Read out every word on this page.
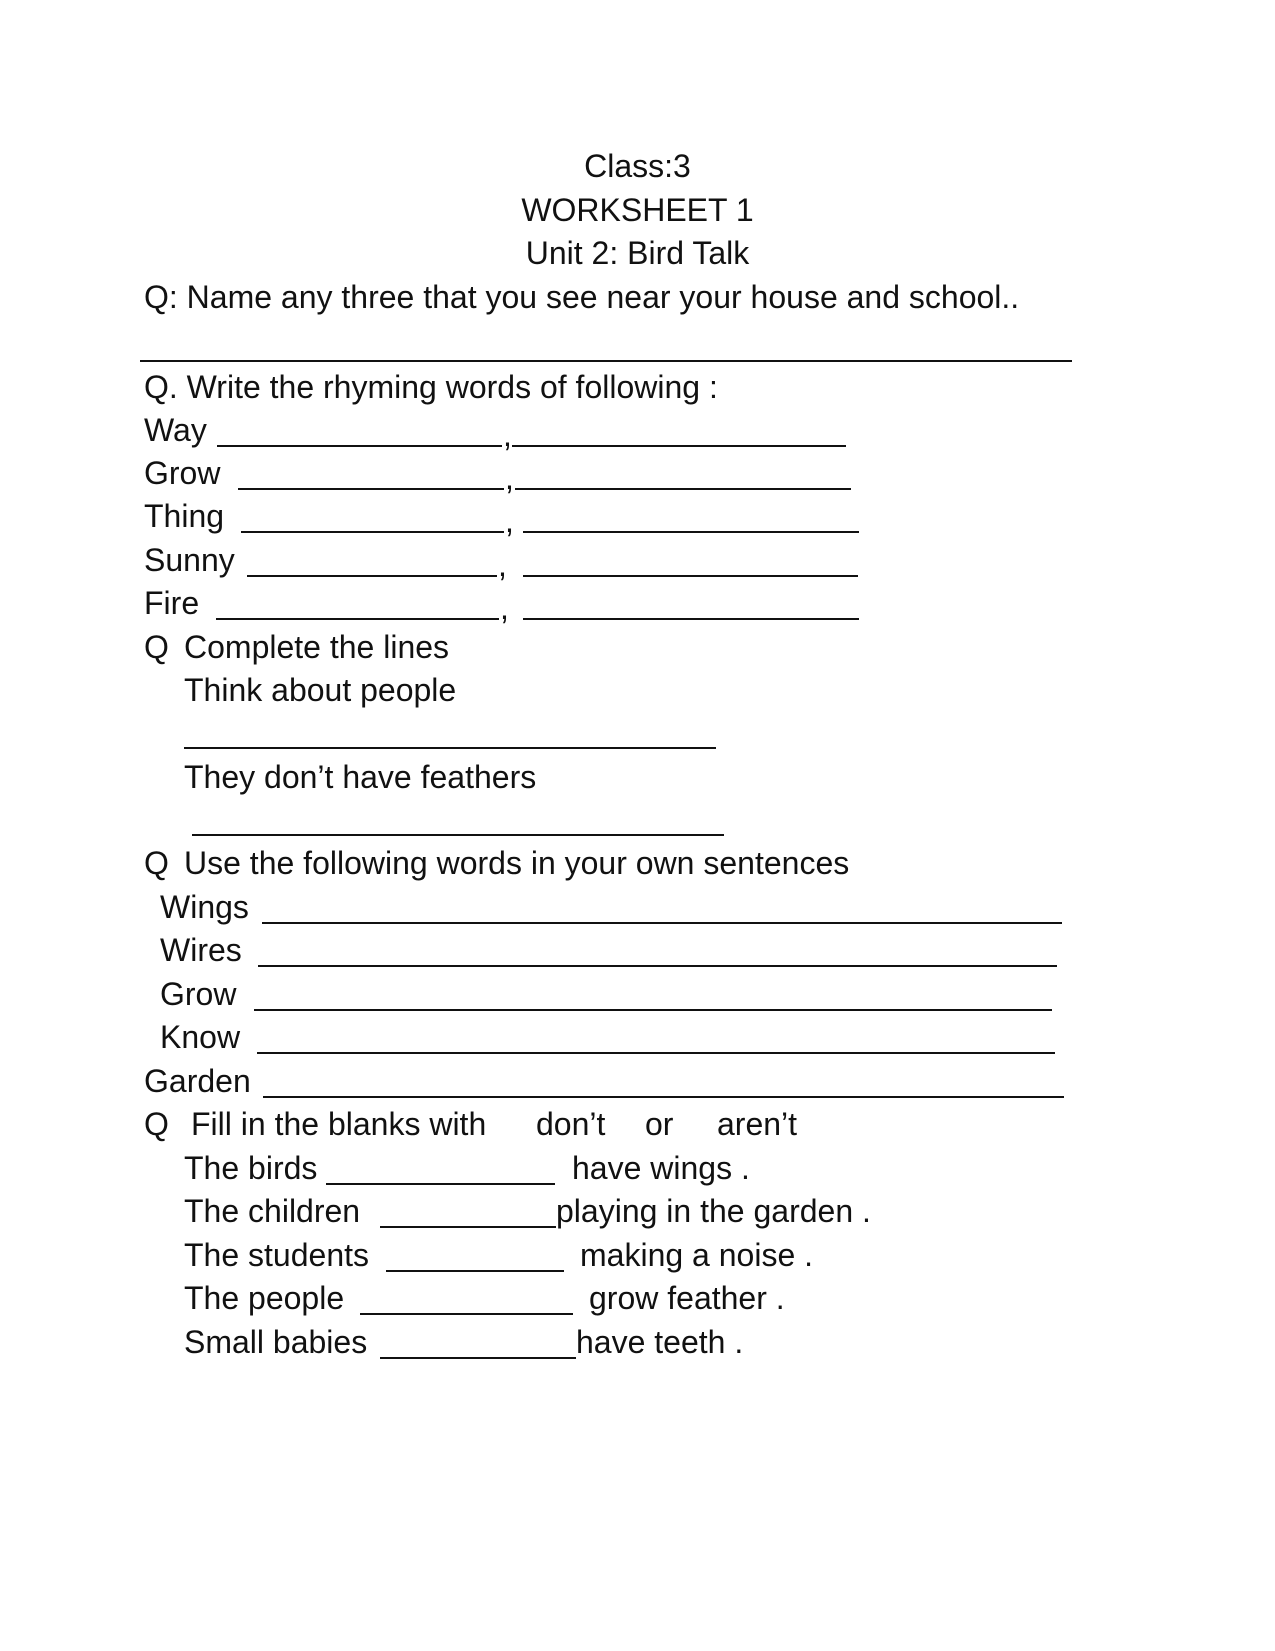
Class:3
WORKSHEET 1
Unit 2: Bird Talk
Q: Name any three that you see near your house and school..
Q. Write the rhyming words of following :
Way	,
Grow	,
Thing	,
Sunny	,
Fire	,
Q Complete the lines
Think about people
They don’t have feathers
Q Use the following words in your own sentences
Wings
Wires
Grow
Know
Garden
Q Fill in the blanks with don’t or aren’t
The birds	have wings .
The children	playing in the garden .
The students	making a noise .
The people	grow feather .
Small babies	have teeth .
